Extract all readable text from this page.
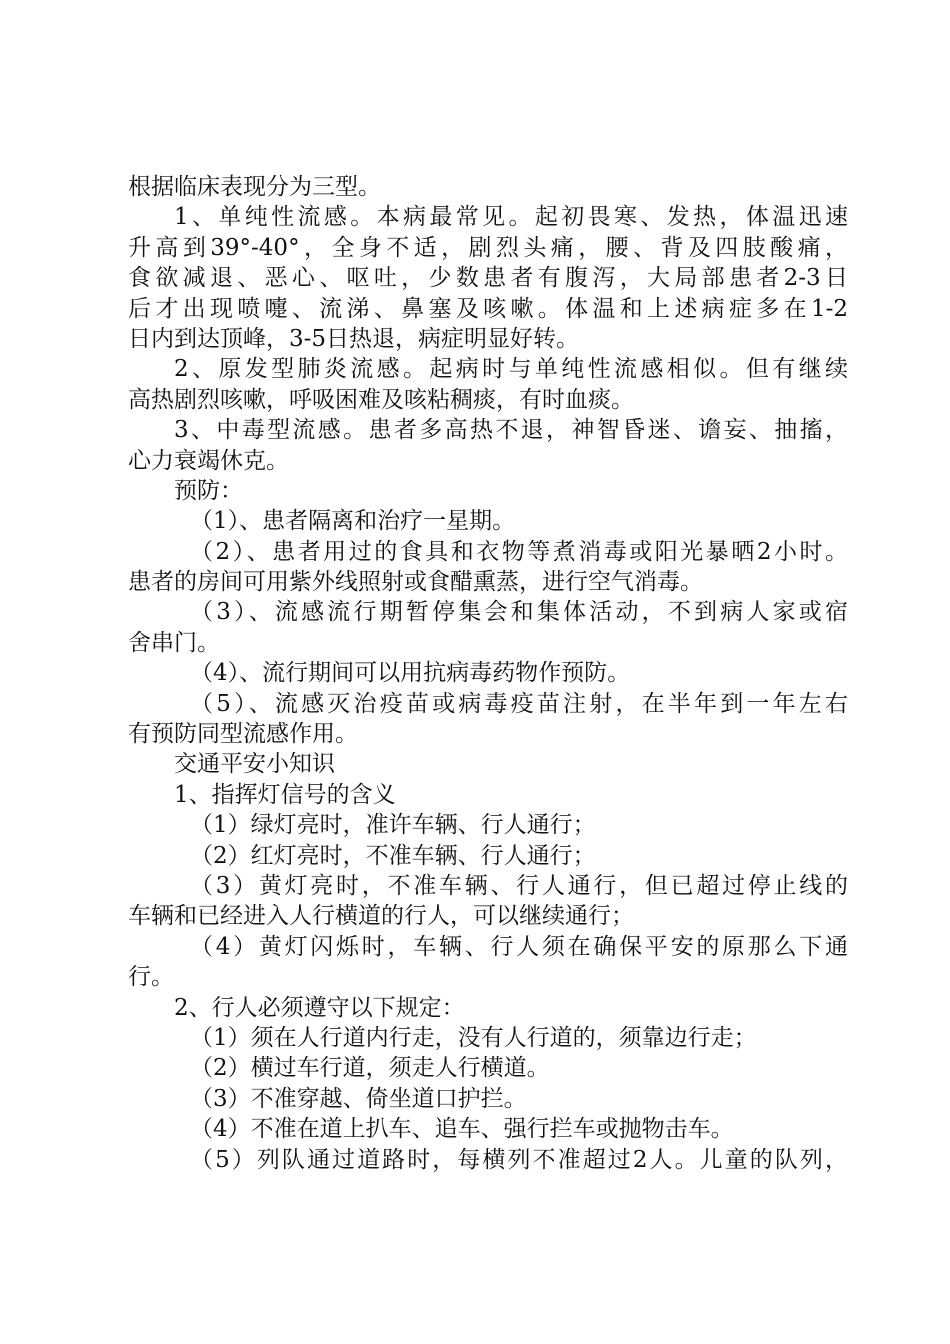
根据临床表现分为三型。
1、单纯性流感。本病最常见。起初畏寒、发热，体温迅速
升高到39°-40°，全身不适，剧烈头痛，腰、背及四肢酸痛，
食欲减退、恶心、呕吐，少数患者有腹泻，大局部患者2-3日
后才出现喷嚏、流涕、鼻塞及咳嗽。体温和上述病症多在1-2
日内到达顶峰，3-5日热退，病症明显好转。
2、原发型肺炎流感。起病时与单纯性流感相似。但有继续
高热剧烈咳嗽，呼吸困难及咳粘稠痰，有时血痰。
3、中毒型流感。患者多高热不退，神智昏迷、谵妄、抽搐，
心力衰竭休克。
预防：
（1）、患者隔离和治疗一星期。
（2）、患者用过的食具和衣物等煮消毒或阳光暴晒2小时。
患者的房间可用紫外线照射或食醋熏蒸，进行空气消毒。
（3）、流感流行期暂停集会和集体活动，不到病人家或宿
舍串门。
（4）、流行期间可以用抗病毒药物作预防。
（5）、流感灭治疫苗或病毒疫苗注射，在半年到一年左右
有预防同型流感作用。
交通平安小知识
1、指挥灯信号的含义
（1）绿灯亮时，准许车辆、行人通行；
（2）红灯亮时，不准车辆、行人通行；
（3）黄灯亮时，不准车辆、行人通行，但已超过停止线的
车辆和已经进入人行横道的行人，可以继续通行；
（4）黄灯闪烁时，车辆、行人须在确保平安的原那么下通
行。
2、行人必须遵守以下规定：
（1）须在人行道内行走，没有人行道的，须靠边行走；
（2）横过车行道，须走人行横道。
（3）不准穿越、倚坐道口护拦。
（4）不准在道上扒车、追车、强行拦车或抛物击车。
（5）列队通过道路时，每横列不准超过2人。儿童的队列，
